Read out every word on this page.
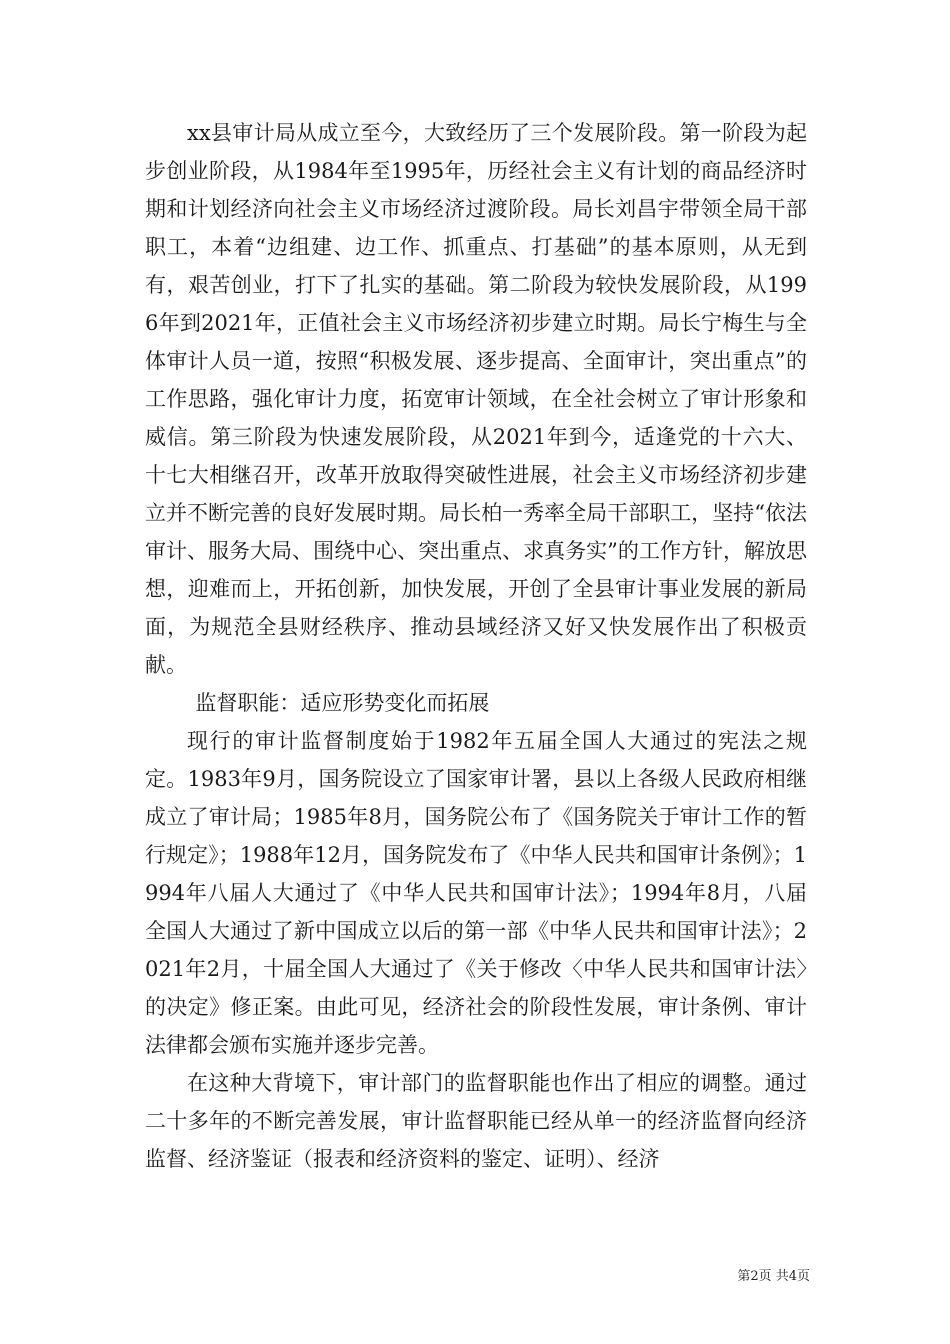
xx县审计局从成立至今，大致经历了三个发展阶段。第一阶段为起步创业阶段，从1984年至1995年，历经社会主义有计划的商品经济时期和计划经济向社会主义市场经济过渡阶段。局长刘昌宇带领全局干部职工，本着“边组建、边工作、抓重点、打基础”的基本原则，从无到有，艰苦创业，打下了扎实的基础。第二阶段为较快发展阶段，从1996年到2021年，正值社会主义市场经济初步建立时期。局长宁梅生与全体审计人员一道，按照“积极发展、逐步提高、全面审计，突出重点”的工作思路，强化审计力度，拓宽审计领域，在全社会树立了审计形象和威信。第三阶段为快速发展阶段，从2021年到今，适逢党的十六大、十七大相继召开，改革开放取得突破性进展，社会主义市场经济初步建立并不断完善的良好发展时期。局长柏一秀率全局干部职工，坚持“依法审计、服务大局、围绕中心、突出重点、求真务实”的工作方针，解放思想，迎难而上，开拓创新，加快发展，开创了全县审计事业发展的新局面，为规范全县财经秩序、推动县域经济又好又快发展作出了积极贡献。

监督职能：适应形势变化而拓展

现行的审计监督制度始于1982年五届全国人大通过的宪法之规定。1983年9月，国务院设立了国家审计署，县以上各级人民政府相继成立了审计局；1985年8月，国务院公布了《国务院关于审计工作的暂行规定》；1988年12月，国务院发布了《中华人民共和国审计条例》；1994年八届人大通过了《中华人民共和国审计法》；1994年8月，八届全国人大通过了新中国成立以后的第一部《中华人民共和国审计法》；2021年2月，十届全国人大通过了《关于修改〈中华人民共和国审计法〉的决定》修正案。由此可见，经济社会的阶段性发展，审计条例、审计法律都会颁布实施并逐步完善。

在这种大背境下，审计部门的监督职能也作出了相应的调整。通过二十多年的不断完善发展，审计监督职能已经从单一的经济监督向经济监督、经济鉴证（报表和经济资料的鉴定、证明）、经济

第2页 共4页
